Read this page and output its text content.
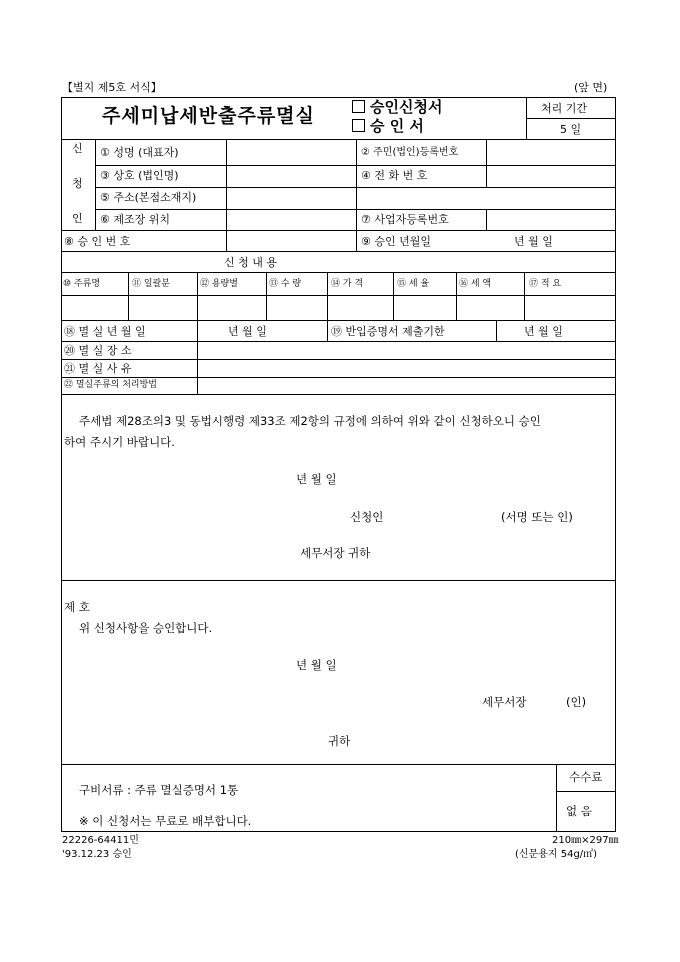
【별지 제5호 서식】	(앞 면)
주세미납세반출주류멸실	승인신청서
승 인 서
처리 기간
5 일
신
청
인
① 성명 (대표자)	② 주민(법인)등록번호
③ 상호 (법인명)	④ 전 화 번 호
⑤ 주소(본점소재지)
⑥ 제조장 위치	⑦ 사업자등록번호
⑧ 승 인 번 호	⑨ 승인 년월일	년 월 일
신 청 내 용
⑩ 주류명	⑪ 일괄분	⑫ 용량별	⑬ 수 량	⑭ 가 격	⑮ 세 율	⑯ 세 액	⑰ 적 요
⑱ 멸 실 년 월 일	년 월 일	⑲ 반입증명서 제출기한	년 월 일
⑳ 멸 실 장 소
㉑ 멸 실 사 유
㉒ 멸실주류의 처리방법
주세법 제28조의3 및 동법시행령 제33조 제2항의 규정에 의하여 위와 같이 신청하오니 승인
하여 주시기 바랍니다.
년 월 일
신청인	(서명 또는 인)
세무서장 귀하
제 호
위 신청사항을 승인합니다.
년 월 일
세무서장	(인)
귀하
구비서류 : 주류 멸실증명서 1통
수수료
없 음
※ 이 신청서는 무료로 배부합니다.
22226-64411민
'93.12.23 승인
210㎜×297㎜
(신문용지 54g/㎡)
